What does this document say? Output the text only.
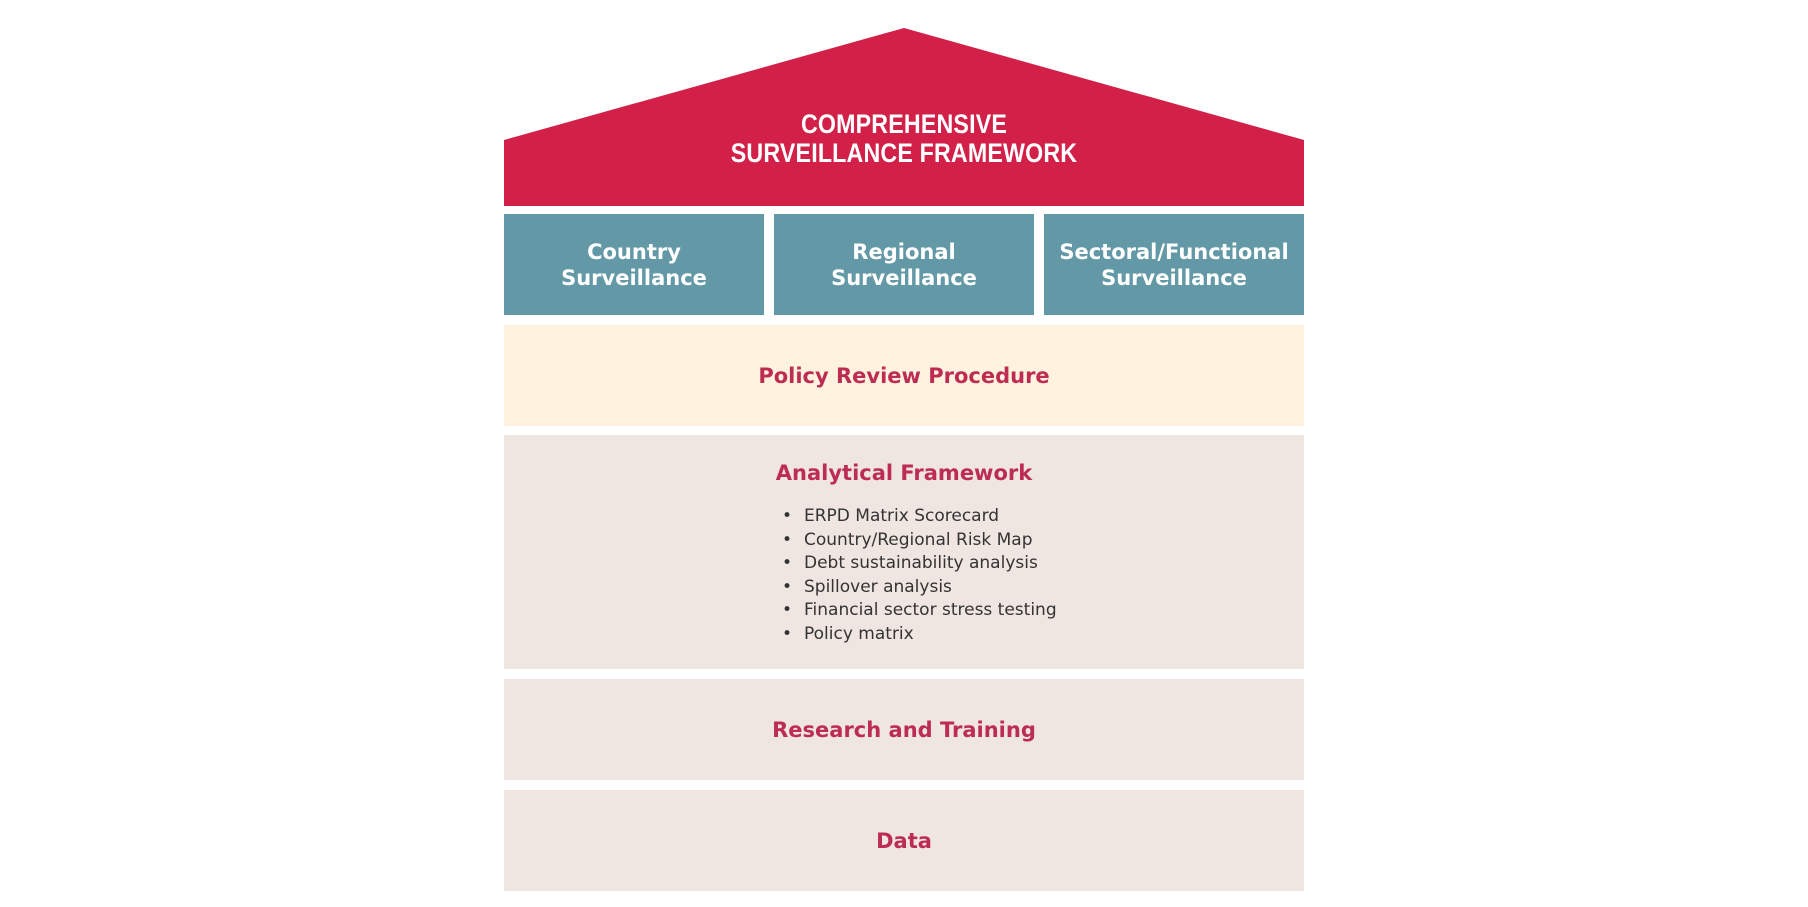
COMPREHENSIVE
SURVEILLANCE FRAMEWORK
Country
Surveillance
Regional
Surveillance
Sectoral/Functional
Surveillance
Policy Review Procedure
Analytical Framework
• ERPD Matrix Scorecard
• Country/Regional Risk Map
• Debt sustainability analysis
• Spillover analysis
• Financial sector stress testing
• Policy matrix
Research and Training
Data
